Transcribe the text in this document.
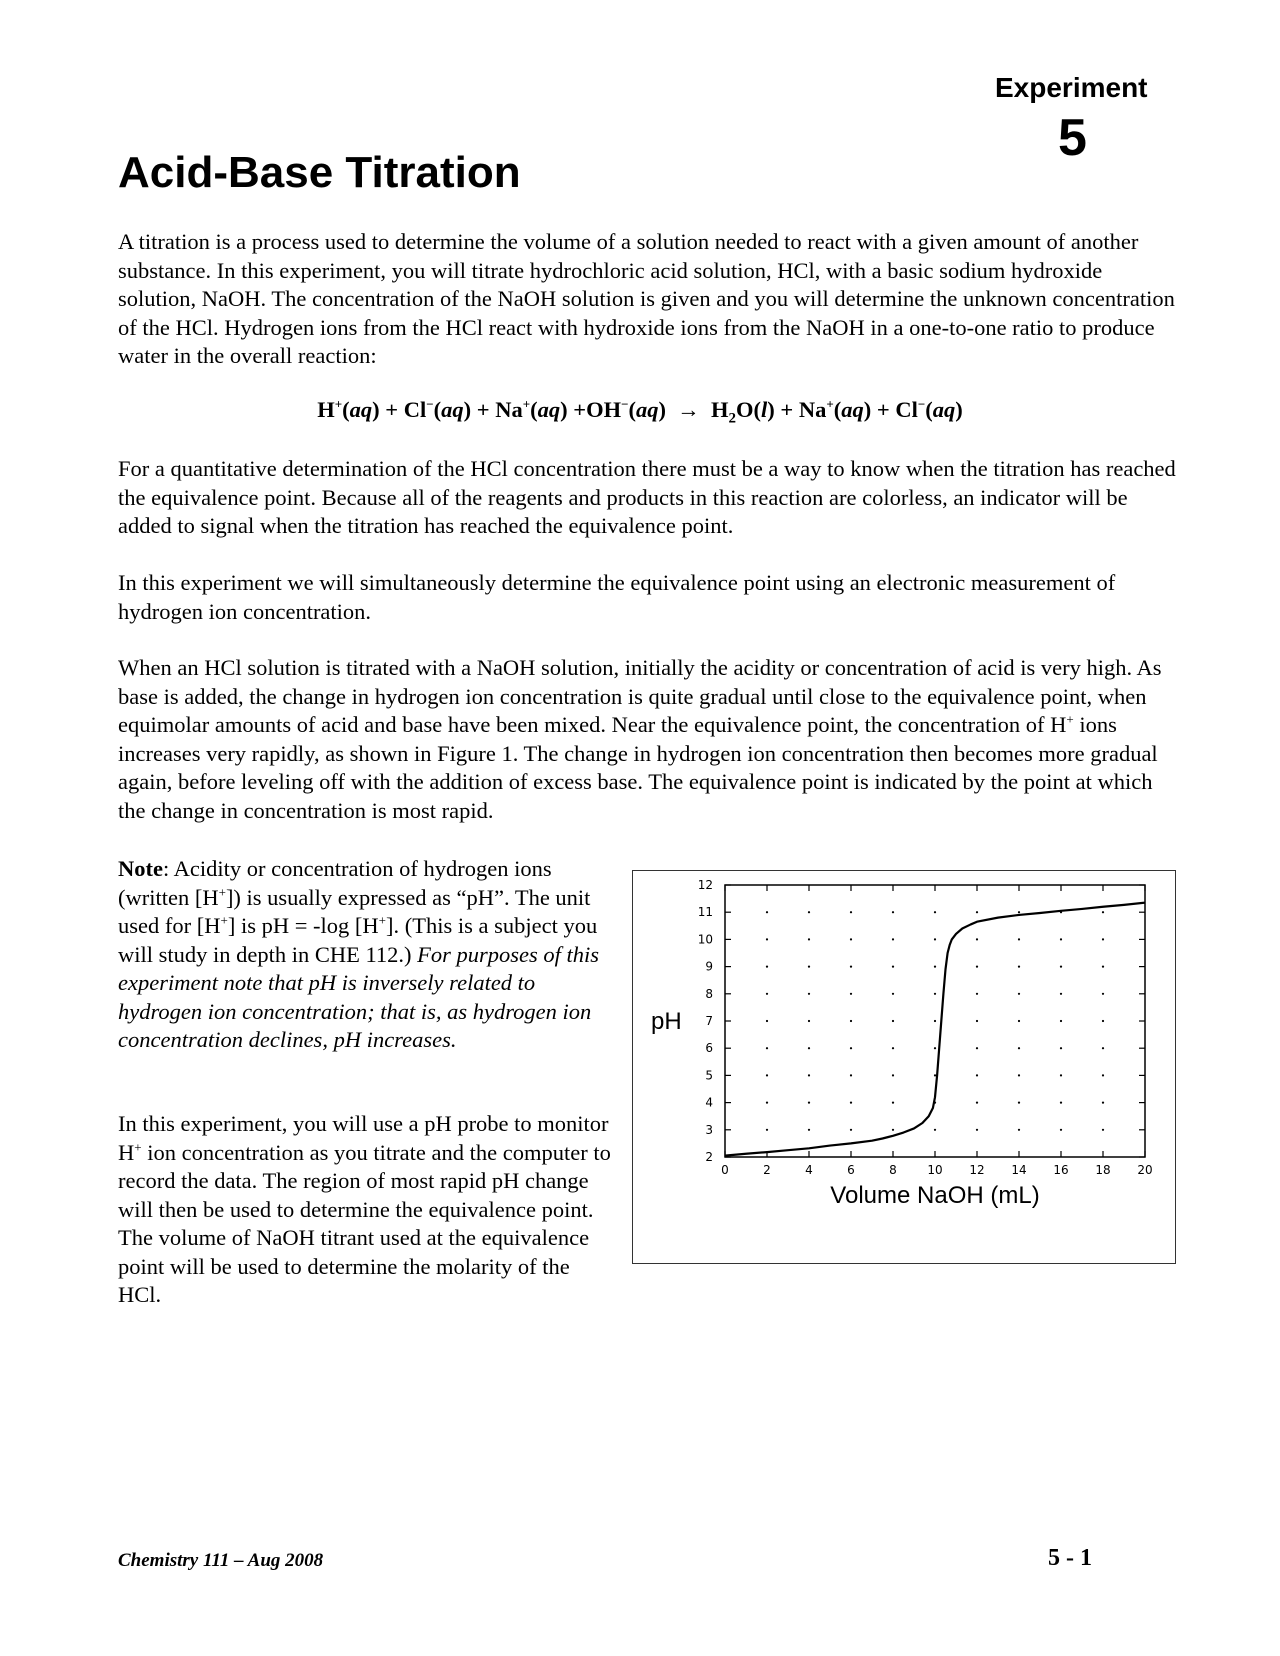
Experiment
5
Acid-Base Titration

A titration is a process used to determine the volume of a solution needed to react with a given amount of another substance. In this experiment, you will titrate hydrochloric acid solution, HCl, with a basic sodium hydroxide solution, NaOH. The concentration of the NaOH solution is given and you will determine the unknown concentration of the HCl. Hydrogen ions from the HCl react with hydroxide ions from the NaOH in a one-to-one ratio to produce water in the overall reaction:

$H^+(aq) + Cl^-(aq) + Na^+(aq) +OH^-(aq) \to H_2O(l) + Na^+(aq) + Cl^-(aq)$

For a quantitative determination of the HCl concentration there must be a way to know when the titration has reached the equivalence point. Because all of the reagents and products in this reaction are colorless, an indicator will be added to signal when the titration has reached the equivalence point.

In this experiment we will simultaneously determine the equivalence point using an electronic measurement of hydrogen ion concentration.

When an HCl solution is titrated with a NaOH solution, initially the acidity or concentration of acid is very high. As base is added, the change in hydrogen ion concentration is quite gradual until close to the equivalence point, when equimolar amounts of acid and base have been mixed. Near the equivalence point, the concentration of H+ ions increases very rapidly, as shown in Figure 1. The change in hydrogen ion concentration then becomes more gradual again, before leveling off with the addition of excess base. The equivalence point is indicated by the point at which the change in concentration is most rapid.

Note: Acidity or concentration of hydrogen ions (written [H+]) is usually expressed as “pH”. The unit used for [H+] is pH = -log [H+]. (This is a subject you will study in depth in CHE 112.) For purposes of this experiment note that pH is inversely related to hydrogen ion concentration; that is, as hydrogen ion concentration declines, pH increases.

In this experiment, you will use a pH probe to monitor H+ ion concentration as you titrate and the computer to record the data. The region of most rapid pH change will then be used to determine the equivalence point. The volume of NaOH titrant used at the equivalence point will be used to determine the molarity of the HCl.

0	2	4	6	8	10 12 14 16 18 20
2
3
4
5
6
7
8
9
10
11
12
Volume NaOH (mL)
pH
Chemistry 111 – Aug 2008	5 - 1
